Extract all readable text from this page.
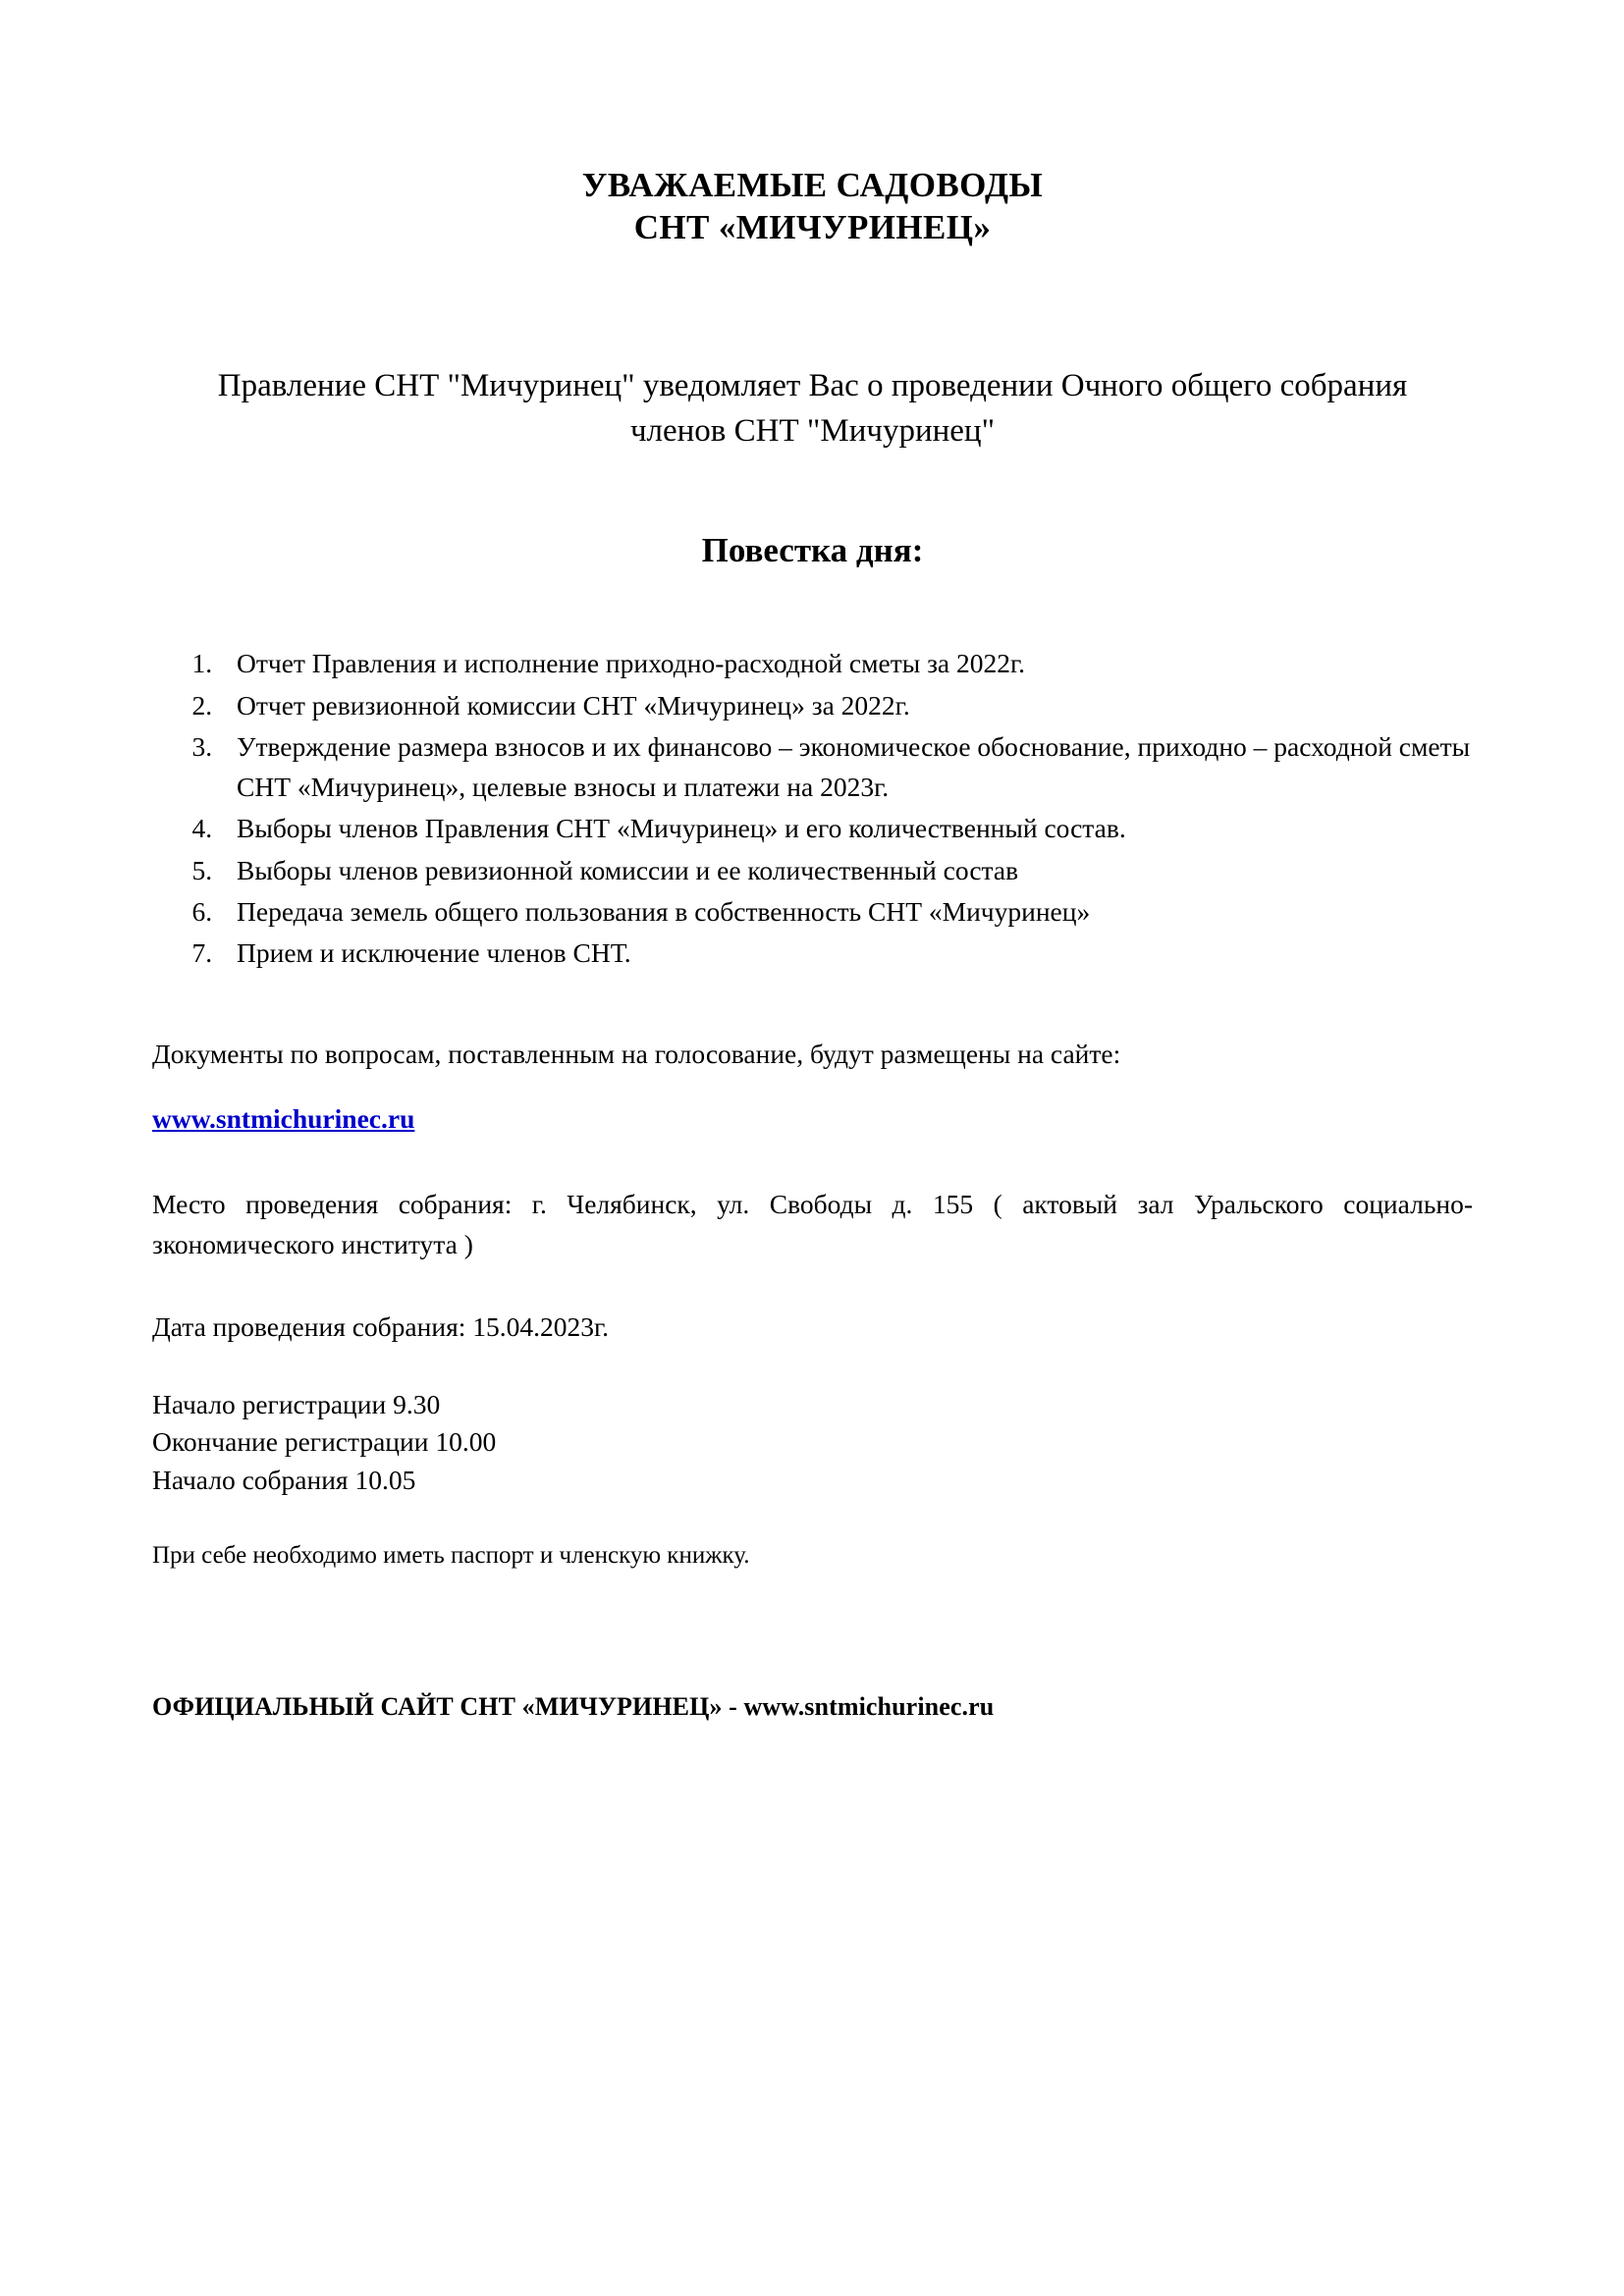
УВАЖАЕМЫЕ САДОВОДЫ
СНТ «МИЧУРИНЕЦ»

Правление СНТ "Мичуринец" уведомляет Вас о проведении Очного общего собрания членов СНТ "Мичуринец"

Повестка дня:
1. Отчет Правления и исполнение приходно-расходной сметы за 2022г.
2. Отчет ревизионной комиссии СНТ «Мичуринец» за 2022г.
3. Утверждение размера взносов и их финансово – экономическое обоснование, приходно – расходной сметы СНТ «Мичуринец», целевые взносы и платежи на 2023г.
4. Выборы членов Правления СНТ «Мичуринец» и его количественный состав.
5. Выборы членов ревизионной комиссии и ее количественный состав
6. Передача земель общего пользования в собственность СНТ «Мичуринец»
7. Прием и исключение членов СНТ.

Документы по вопросам, поставленным на голосование, будут размещены на сайте:

www.sntmichurinec.ru

Место проведения собрания: г. Челябинск, ул. Свободы д. 155 ( актовый зал Уральского социально-зкономического института )

Дата проведения собрания: 15.04.2023г.

Начало регистрации 9.30
Окончание регистрации 10.00
Начало собрания 10.05

При себе необходимо иметь паспорт и членскую книжку.

ОФИЦИАЛЬНЫЙ САЙТ СНТ «МИЧУРИНЕЦ» - www.sntmichurinec.ru
